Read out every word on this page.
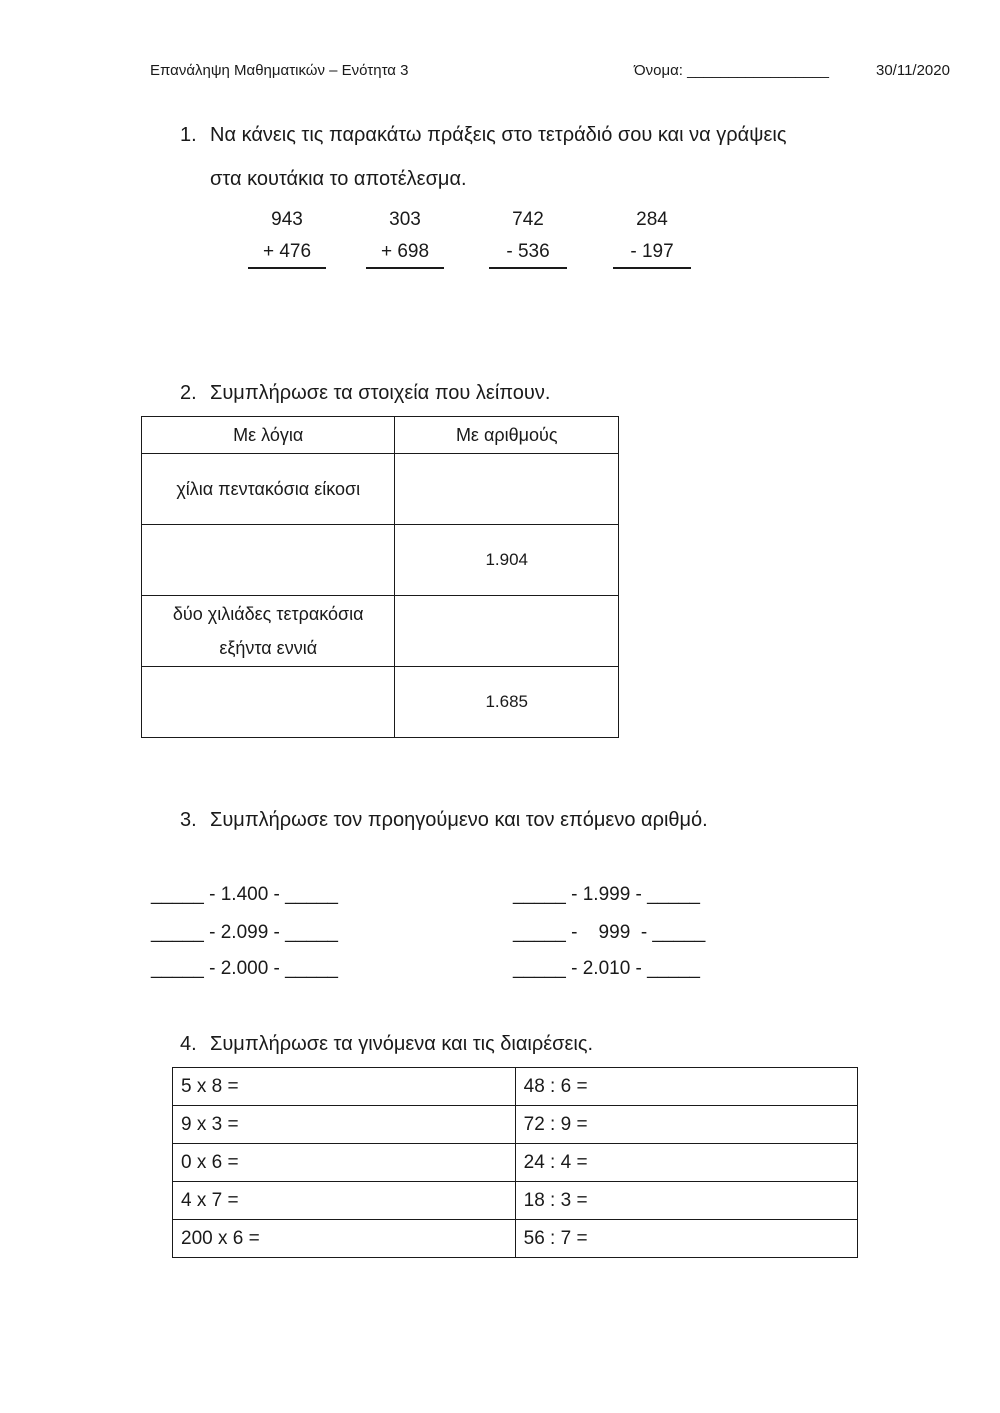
Επανάληψη Μαθηματικών – Ενότητα 3	Όνομα: _________________	30/11/2020
1. Να κάνεις τις παρακάτω πράξεις στο τετράδιό σου και να γράψεις
στα κουτάκια το αποτέλεσμα.
943
+ 476
303
+ 698
742
- 536
284
- 197
2. Συμπλήρωσε τα στοιχεία που λείπουν.
Με λόγια	Με αριθμούς
χίλια πεντακόσια είκοσι	
	1.904
δύο χιλιάδες τετρακόσια εξήντα εννιά	
	1.685
3. Συμπλήρωσε τον προηγούμενο και τον επόμενο αριθμό.
_____ - 1.400 - _____
_____ - 2.099 - _____
_____ - 2.000 - _____
_____ - 1.999 - _____
_____ -    999  - _____
_____ - 2.010 - _____
4. Συμπλήρωσε τα γινόμενα και τις διαιρέσεις.
5 x 8 =	48 : 6 =
9 x 3 =	72 : 9 =
0 x 6 =	24 : 4 =
4 x 7 =	18 : 3 =
200 x 6 =	56 : 7 =
